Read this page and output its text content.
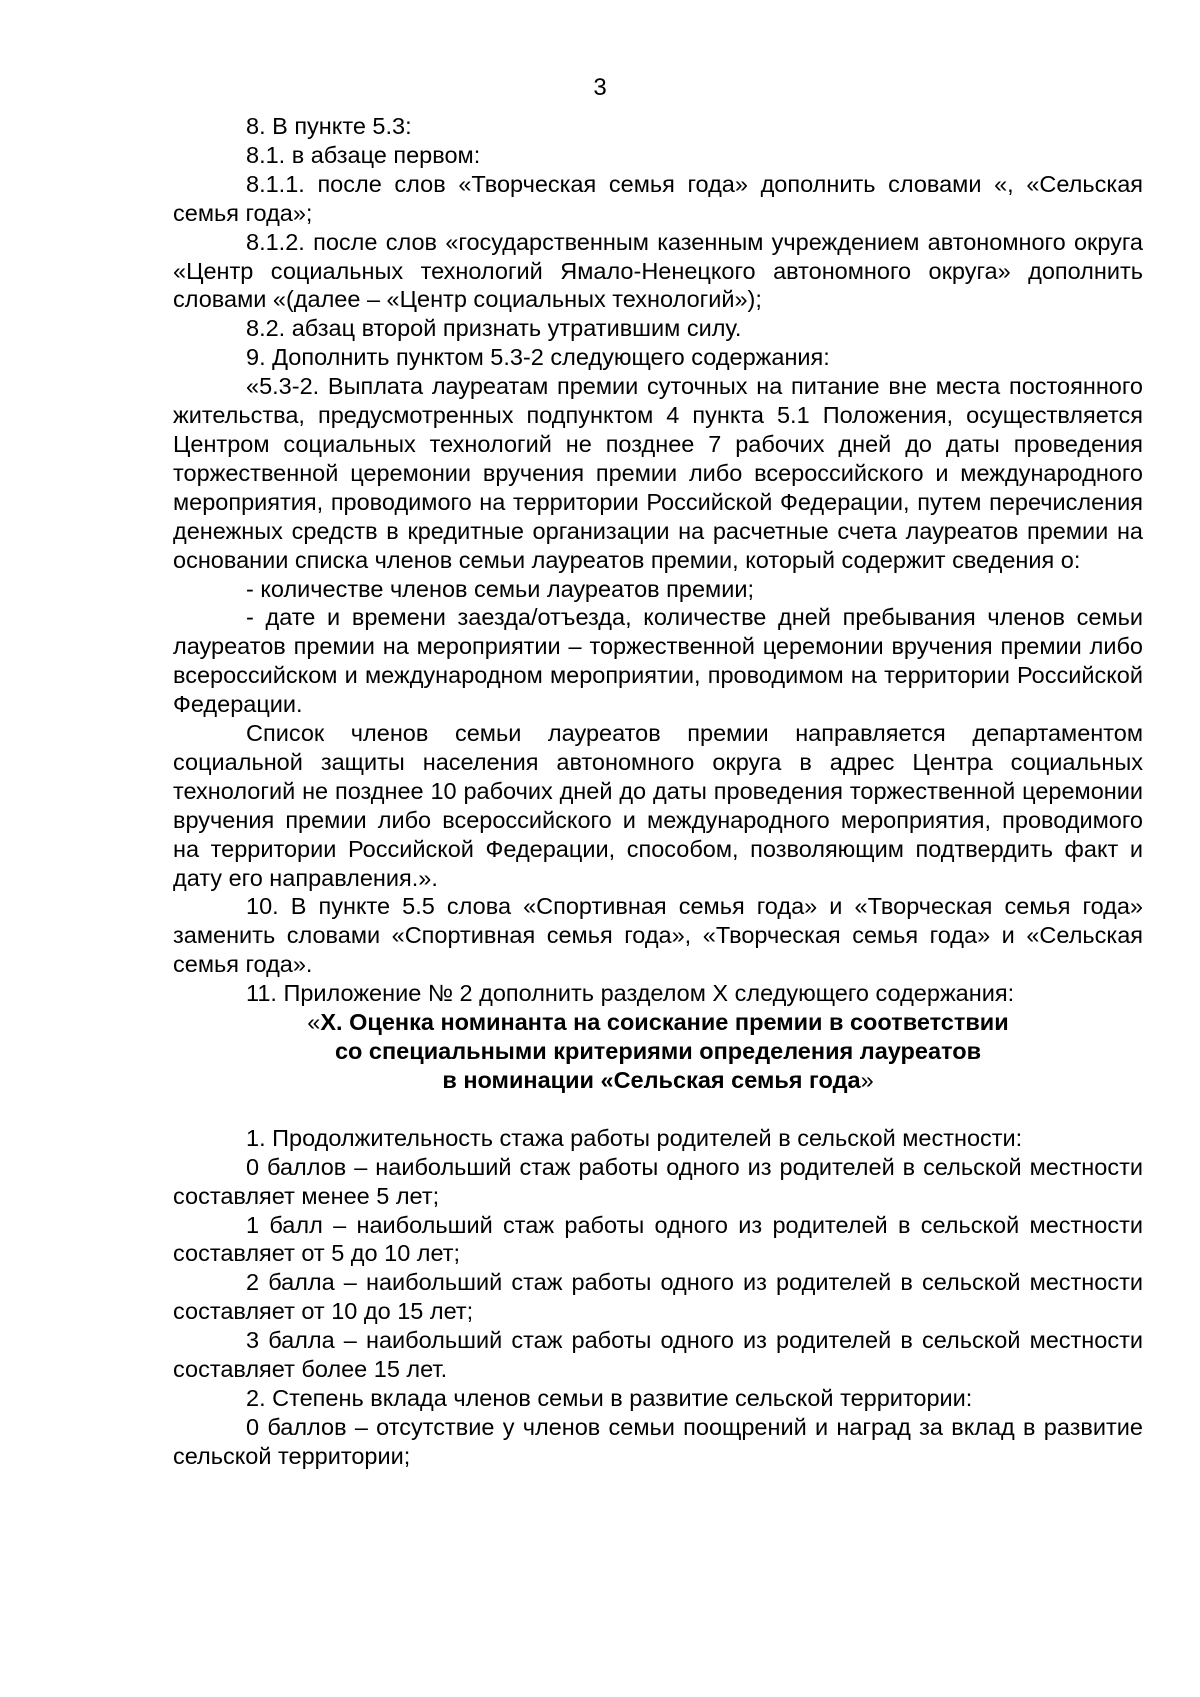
3

8. В пункте 5.3:

8.1. в абзаце первом:

8.1.1. после слов «Творческая семья года» дополнить словами «, «Сельская семья года»;

8.1.2. после слов «государственным казенным учреждением автономного округа «Центр социальных технологий Ямало-Ненецкого автономного округа» дополнить словами «(далее – «Центр социальных технологий»);

8.2. абзац второй признать утратившим силу.

9. Дополнить пунктом 5.3-2 следующего содержания:

«5.3-2. Выплата лауреатам премии суточных на питание вне места постоянного жительства, предусмотренных подпунктом 4 пункта 5.1 Положения, осуществляется Центром социальных технологий не позднее 7 рабочих дней до даты проведения торжественной церемонии вручения премии либо всероссийского и международного мероприятия, проводимого на территории Российской Федерации, путем перечисления денежных средств в кредитные организации на расчетные счета лауреатов премии на основании списка членов семьи лауреатов премии, который содержит сведения о:

- количестве членов семьи лауреатов премии;

- дате и времени заезда/отъезда, количестве дней пребывания членов семьи лауреатов премии на мероприятии – торжественной церемонии вручения премии либо всероссийском и международном мероприятии, проводимом на территории Российской Федерации.

Список членов семьи лауреатов премии направляется департаментом социальной защиты населения автономного округа в адрес Центра социальных технологий не позднее 10 рабочих дней до даты проведения торжественной церемонии вручения премии либо всероссийского и международного мероприятия, проводимого на территории Российской Федерации, способом, позволяющим подтвердить факт и дату его направления.».

10. В пункте 5.5 слова «Спортивная семья года» и «Творческая семья года» заменить словами «Спортивная семья года», «Творческая семья года» и «Сельская семья года».

11. Приложение № 2 дополнить разделом X следующего содержания:

«X. Оценка номинанта на соискание премии в соответствии
со специальными критериями определения лауреатов
в номинации «Сельская семья года»

1. Продолжительность стажа работы родителей в сельской местности:

0 баллов – наибольший стаж работы одного из родителей в сельской местности составляет менее 5 лет;

1 балл – наибольший стаж работы одного из родителей в сельской местности составляет от 5 до 10 лет;

2 балла – наибольший стаж работы одного из родителей в сельской местности составляет от 10 до 15 лет;

3 балла – наибольший стаж работы одного из родителей в сельской местности составляет более 15 лет.

2. Степень вклада членов семьи в развитие сельской территории:

0 баллов – отсутствие у членов семьи поощрений и наград за вклад в развитие сельской территории;
